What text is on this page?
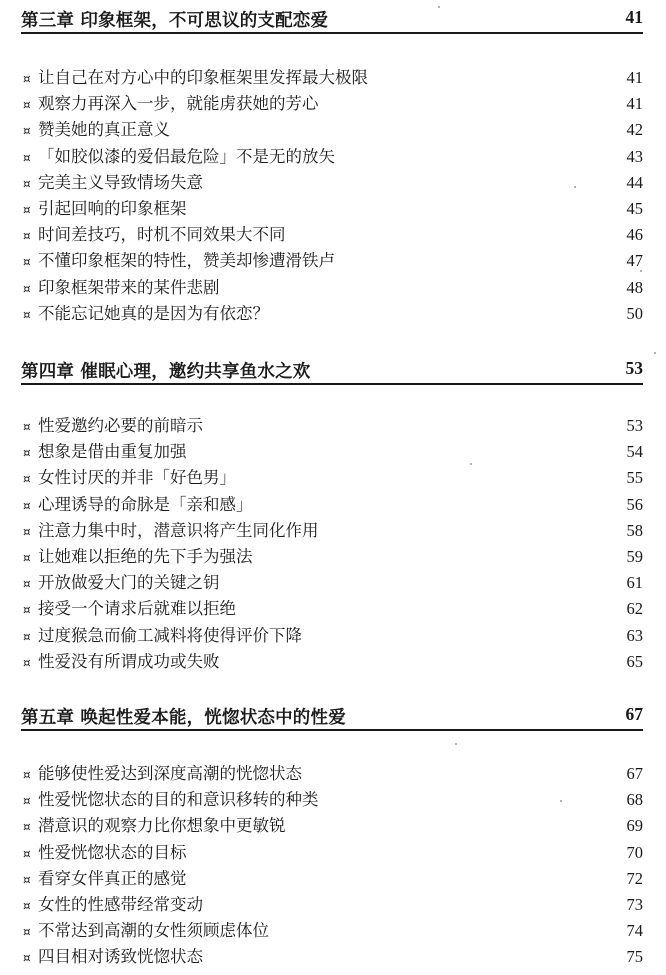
第三章 印象框架，不可思议的支配恋爱	41
¤ 让自己在对方心中的印象框架里发挥最大极限	41
¤ 观察力再深入一步，就能虏获她的芳心	41
¤ 赞美她的真正意义	42
¤ 「如胶似漆的爱侣最危险」不是无的放矢	43
¤ 完美主义导致情场失意	44
¤ 引起回响的印象框架	45
¤ 时间差技巧，时机不同效果大不同	46
¤ 不懂印象框架的特性，赞美却惨遭滑铁卢	47
¤ 印象框架带来的某件悲剧	48
¤ 不能忘记她真的是因为有依恋？	50
第四章 催眠心理，邀约共享鱼水之欢	53
¤ 性爱邀约必要的前暗示	53
¤ 想象是借由重复加强	54
¤ 女性讨厌的并非「好色男」	55
¤ 心理诱导的命脉是「亲和感」	56
¤ 注意力集中时，潜意识将产生同化作用	58
¤ 让她难以拒绝的先下手为强法	59
¤ 开放做爱大门的关键之钥	61
¤ 接受一个请求后就难以拒绝	62
¤ 过度猴急而偷工减料将使得评价下降	63
¤ 性爱没有所谓成功或失败	65
第五章 唤起性爱本能，恍惚状态中的性爱	67
¤ 能够使性爱达到深度高潮的恍惚状态	67
¤ 性爱恍惚状态的目的和意识移转的种类	68
¤ 潜意识的观察力比你想象中更敏锐	69
¤ 性爱恍惚状态的目标	70
¤ 看穿女伴真正的感觉	72
¤ 女性的性感带经常变动	73
¤ 不常达到高潮的女性须顾虑体位	74
¤ 四目相对诱致恍惚状态	75
